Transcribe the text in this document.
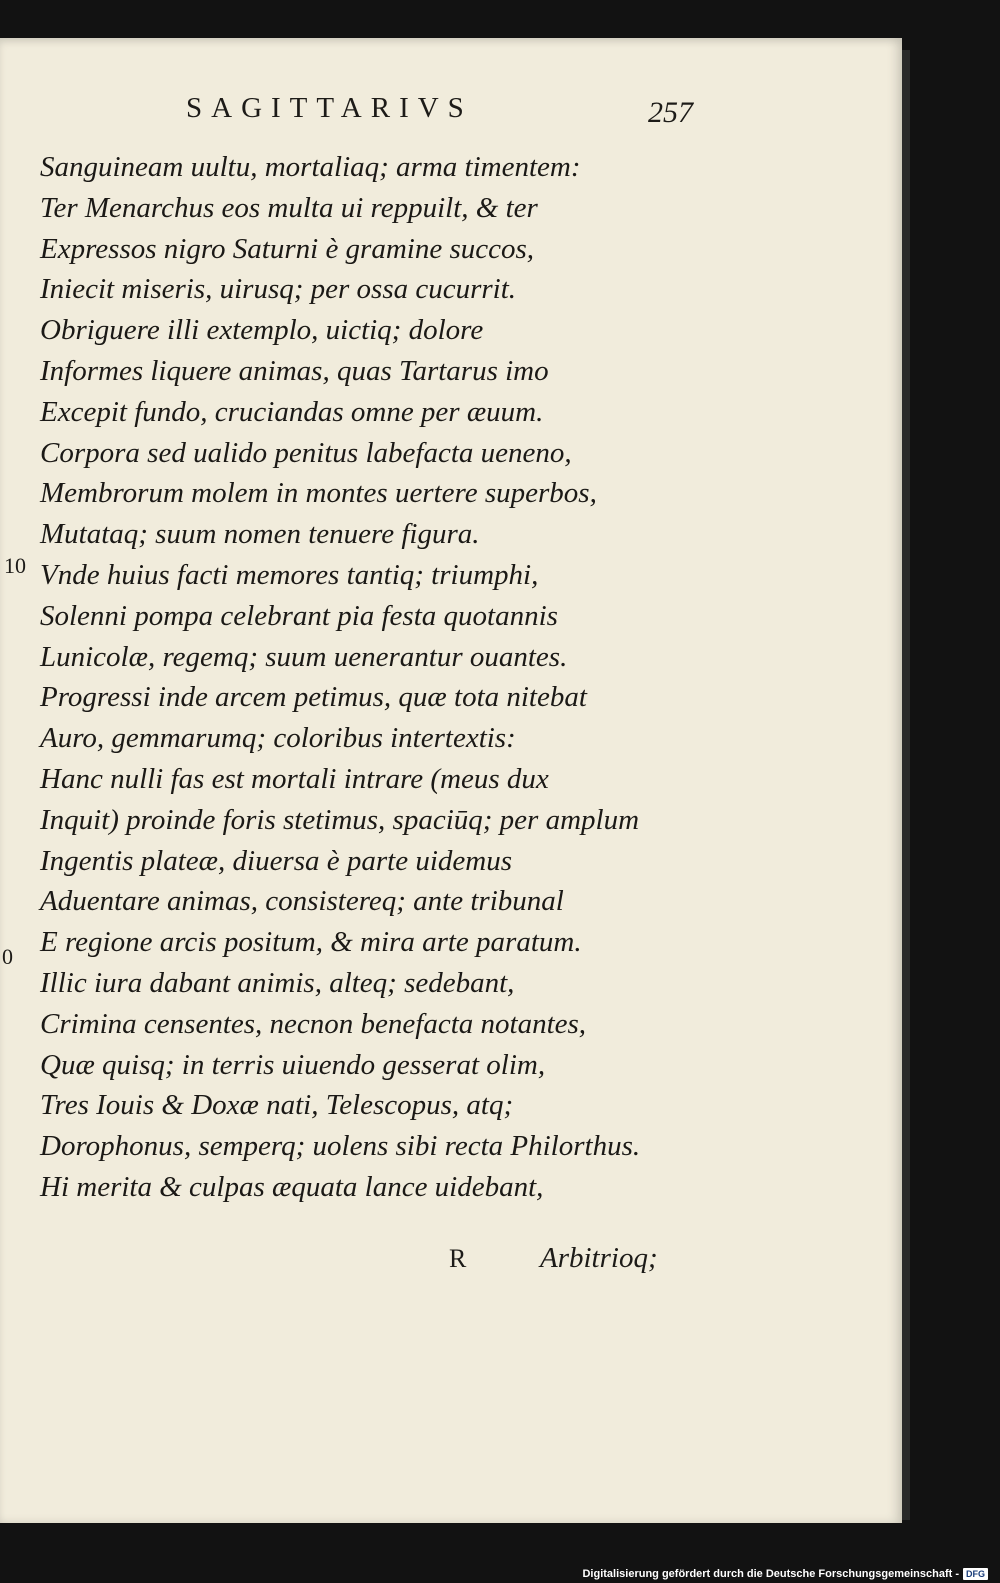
SAGITTARIVS	257
Sanguineam uultu, mortaliaq; arma timentem:
Ter Menarchus eos multa ui reppuilt, & ter
Expressos nigro Saturni è gramine succos,
Iniecit miseris, uirusq; per ossa cucurrit.
Obriguere illi extemplo, uictiq; dolore
Informes liquere animas, quas Tartarus imo
Excepit fundo, cruciandas omne per æuum.
Corpora sed ualido penitus labefacta ueneno,
Membrorum molem in montes uertere superbos,
Mutataq; suum nomen tenuere figura.
Vnde huius facti memores tantiq; triumphi,
Solenni pompa celebrant pia festa quotannis
Lunicolæ, regemq; suum uenerantur ouantes.
Progressi inde arcem petimus, quæ tota nitebat
Auro, gemmarumq; coloribus intertextis:
Hanc nulli fas est mortali intrare (meus dux
Inquit) proinde foris stetimus, spaciūq; per amplum
Ingentis plateæ, diuersa è parte uidemus
Aduentare animas, consistereq; ante tribunal
E regione arcis positum, & mira arte paratum.
Illic iura dabant animis, alteq; sedebant,
Crimina censentes, necnon benefacta notantes,
Quæ quisq; in terris uiuendo gesserat olim,
Tres Iouis & Doxæ nati, Telescopus, atq;
Dorophonus, semperq; uolens sibi recta Philorthus.
Hi merita & culpas æquata lance uidebant,
10
0
R	Arbitrioq;
Digitalisierung gefördert durch die Deutsche Forschungsgemeinschaft - DFG
